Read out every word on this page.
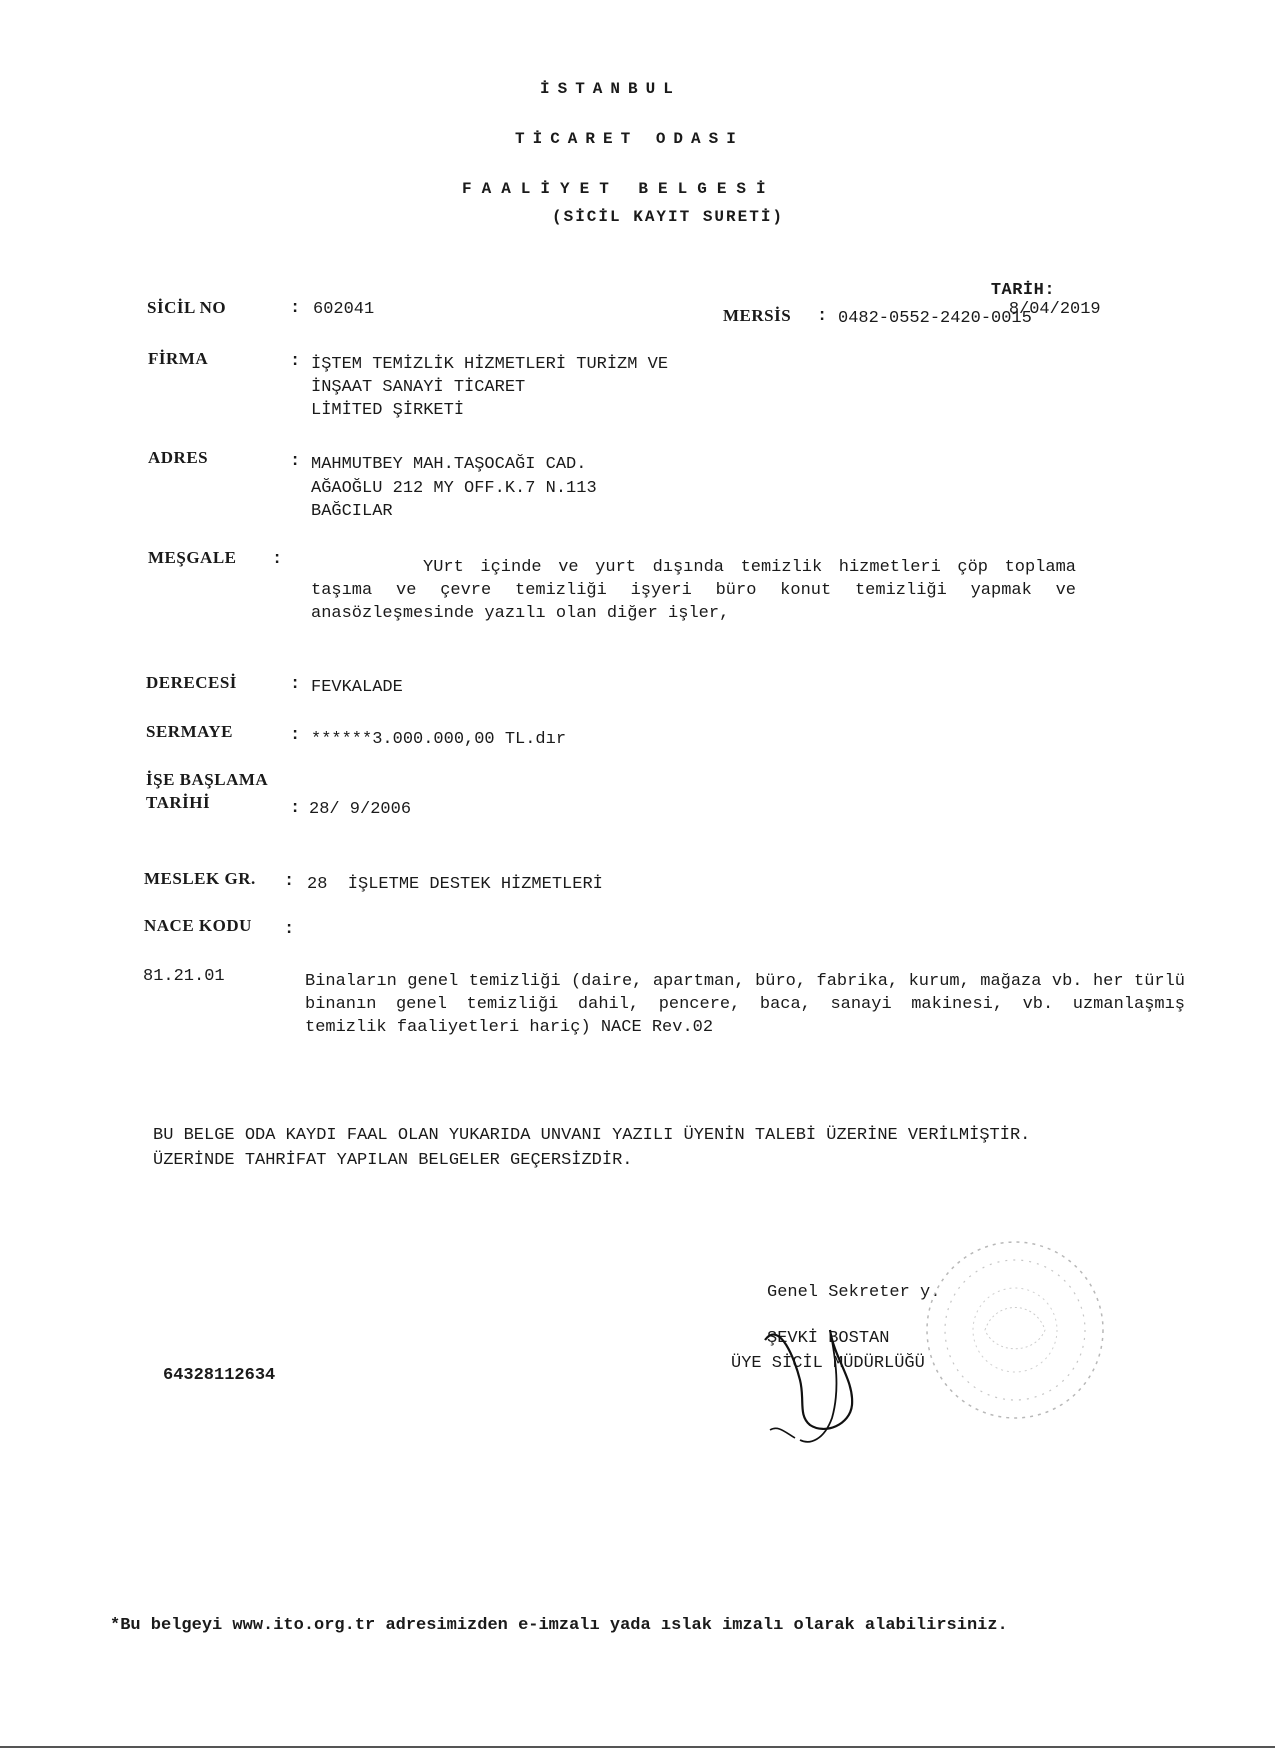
İSTANBUL
TİCARET ODASI
FAALİYET BELGESİ
(SİCİL KAYIT SURETİ)

TARİH:
8/04/2019

SİCİL NO	: 602041	MERSİS : 0482-0552-2420-0015
FİRMA	: İŞTEM TEMİZLİK HİZMETLERİ TURİZM VE
İNŞAAT SANAYİ TİCARET
LİMİTED ŞİRKETİ
ADRES	: MAHMUTBEY MAH.TAŞOCAĞI CAD.
AĞAOĞLU 212 MY OFF.K.7 N.113
BAĞCILAR
MEŞGALE :	YUrt içinde ve yurt dışında temizlik hizmetleri çöp toplama taşıma ve çevre temizliği işyeri büro konut temizliği yapmak ve anasözleşmesinde yazılı olan diğer işler,
DERECESİ	: FEVKALADE
SERMAYE	: ******3.000.000,00 TL.dır
İŞE BAŞLAMA
TARİHİ	: 28/ 9/2006
MESLEK GR. : 28  İŞLETME DESTEK HİZMETLERİ
NACE KODU :
81.21.01	Binaların genel temizliği (daire, apartman, büro, fabrika, kurum, mağaza vb. her türlü binanın genel temizliği dahil, pencere, baca, sanayi makinesi, vb. uzmanlaşmış temizlik faaliyetleri hariç) NACE Rev.02
BU BELGE ODA KAYDI FAAL OLAN YUKARIDA UNVANI YAZILI ÜYENİN TALEBİ ÜZERİNE VERİLMİŞTİR. ÜZERİNDE TAHRİFAT YAPILAN BELGELER GEÇERSİZDİR.
Genel Sekreter y.
ŞEVKİ BOSTAN
ÜYE SİCİL MÜDÜRLÜĞÜ
64328112634
*Bu belgeyi www.ito.org.tr adresimizden e-imzalı yada ıslak imzalı olarak alabilirsiniz.
